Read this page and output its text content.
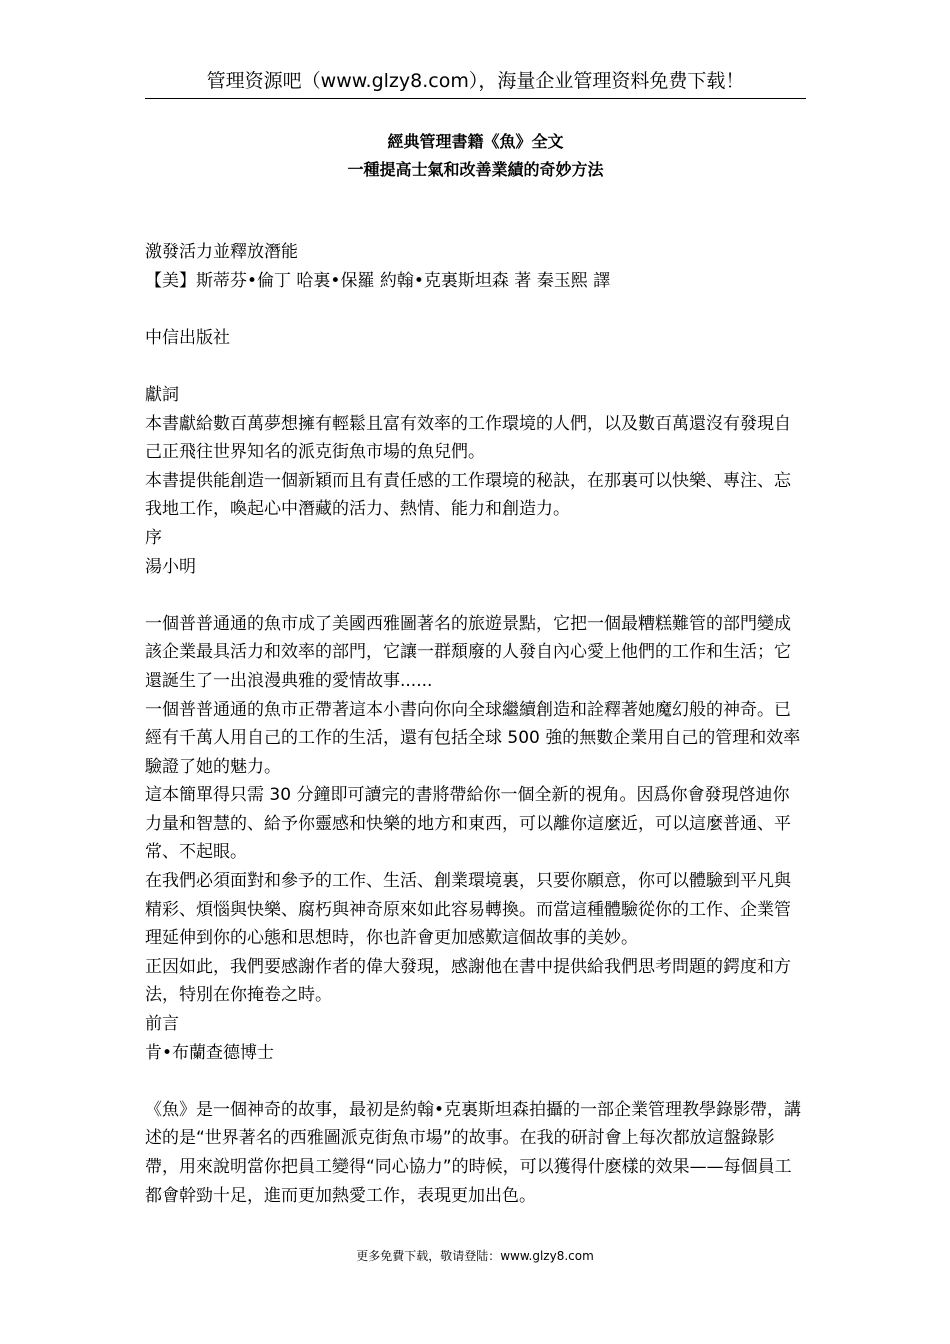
管理资源吧（www.glzy8.com），海量企业管理资料免费下载！
經典管理書籍《魚》全文
一種提高士氣和改善業績的奇妙方法

激發活力並釋放潛能

【美】斯蒂芬•倫丁 哈裏•保羅 約翰•克裏斯坦森 著 秦玉熙 譯

中信出版社

獻詞

本書獻給數百萬夢想擁有輕鬆且富有效率的工作環境的人們，以及數百萬還沒有發現自己正飛往世界知名的派克街魚市場的魚兒們。

本書提供能創造一個新穎而且有責任感的工作環境的秘訣，在那裏可以快樂、專注、忘我地工作，喚起心中潛藏的活力、熱情、能力和創造力。

序

湯小明

一個普普通通的魚市成了美國西雅圖著名的旅遊景點，它把一個最糟糕難管的部門變成該企業最具活力和效率的部門，它讓一群頹廢的人發自內心愛上他們的工作和生活；它還誕生了一出浪漫典雅的愛情故事......

一個普普通通的魚市正帶著這本小書向你向全球繼續創造和詮釋著她魔幻般的神奇。已經有千萬人用自己的工作的生活，還有包括全球 500 強的無數企業用自己的管理和效率驗證了她的魅力。

這本簡單得只需 30 分鐘即可讀完的書將帶給你一個全新的視角。因爲你會發現啓迪你力量和智慧的、給予你靈感和快樂的地方和東西，可以離你這麼近，可以這麼普通、平常、不起眼。

在我們必須面對和參予的工作、生活、創業環境裏，只要你願意，你可以體驗到平凡與精彩、煩惱與快樂、腐朽與神奇原來如此容易轉換。而當這種體驗從你的工作、企業管理延伸到你的心態和思想時，你也許會更加感歎這個故事的美妙。

正因如此，我們要感謝作者的偉大發現，感謝他在書中提供給我們思考問題的鍔度和方法，特別在你掩卷之時。

前言

肯•布蘭查德博士

《魚》是一個神奇的故事，最初是約翰•克裏斯坦森拍攝的一部企業管理教學錄影帶，講述的是“世界著名的西雅圖派克街魚市場”的故事。在我的研討會上每次都放這盤錄影帶，用來說明當你把員工變得“同心協力”的時候，可以獲得什麽樣的效果——每個員工都會幹勁十足，進而更加熱愛工作，表現更加出色。

更多免費下载，敬请登陆：www.glzy8.com
